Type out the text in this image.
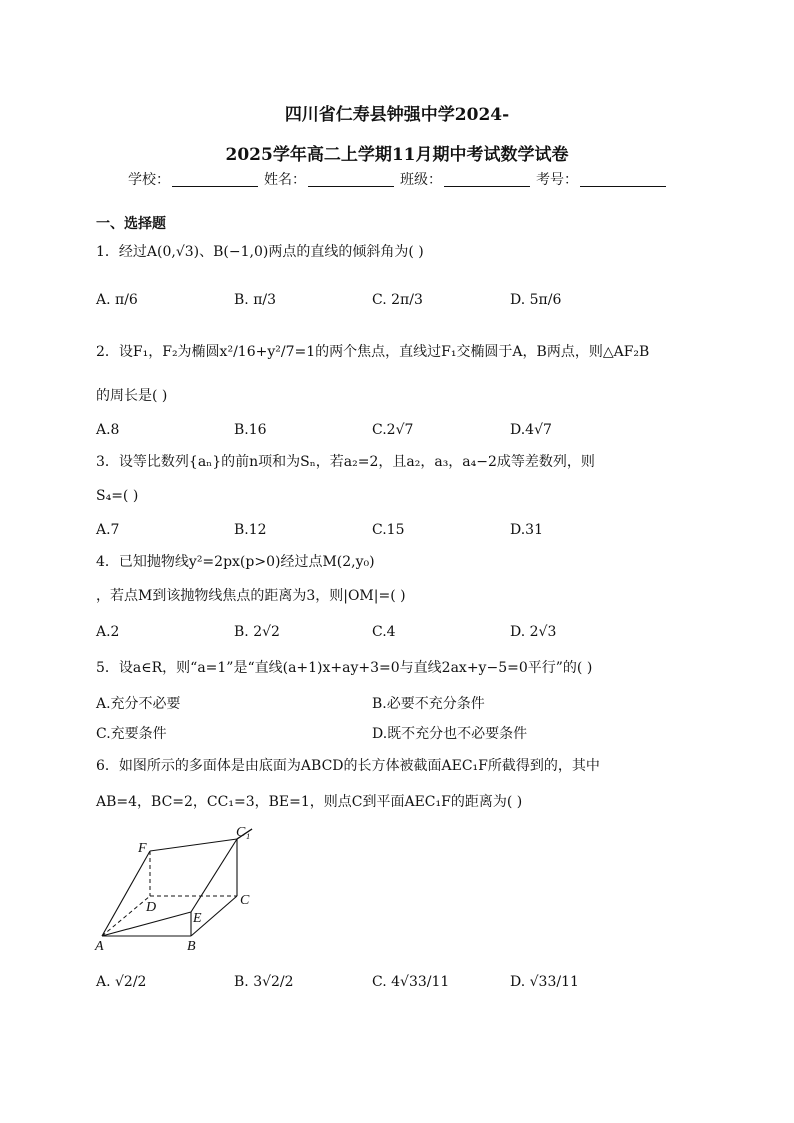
四川省仁寿县钟强中学2024-
2025学年高二上学期11月期中考试数学试卷
学校：	姓名：	班级：	考号：
一、选择题
1．经过A(0,√3)、B(−1,0)两点的直线的倾斜角为( )
A. π/6	B. π/3	C. 2π/3	D. 5π/6
2．设F₁，F₂为椭圆x²/16+y²/7=1的两个焦点，直线过F₁交椭圆于A，B两点，则△AF₂B
的周长是( )
A.8	B.16	C.2√7	D.4√7
3．设等比数列{aₙ}的前n项和为Sₙ，若a₂=2，且a₂，a₃，a₄−2成等差数列，则
S₄=( )
A.7	B.12	C.15	D.31
4．已知抛物线y²=2px(p>0)经过点M(2,y₀)
，若点M到该抛物线焦点的距离为3，则|OM|=( )
A.2	B. 2√2	C.4	D. 2√3
5．设a∈R，则“a=1”是“直线(a+1)x+ay+3=0与直线2ax+y−5=0平行”的( )
A.充分不必要	B.必要不充分条件
C.充要条件	D.既不充分也不必要条件
6．如图所示的多面体是由底面为ABCD的长方体被截面AEC₁F所截得到的，其中
AB=4，BC=2，CC₁=3，BE=1，则点C到平面AEC₁F的距离为( )
F
C₁
D	C
E
A	B
A. √2/2	B. 3√2/2	C. 4√33/11	D. √33/11
